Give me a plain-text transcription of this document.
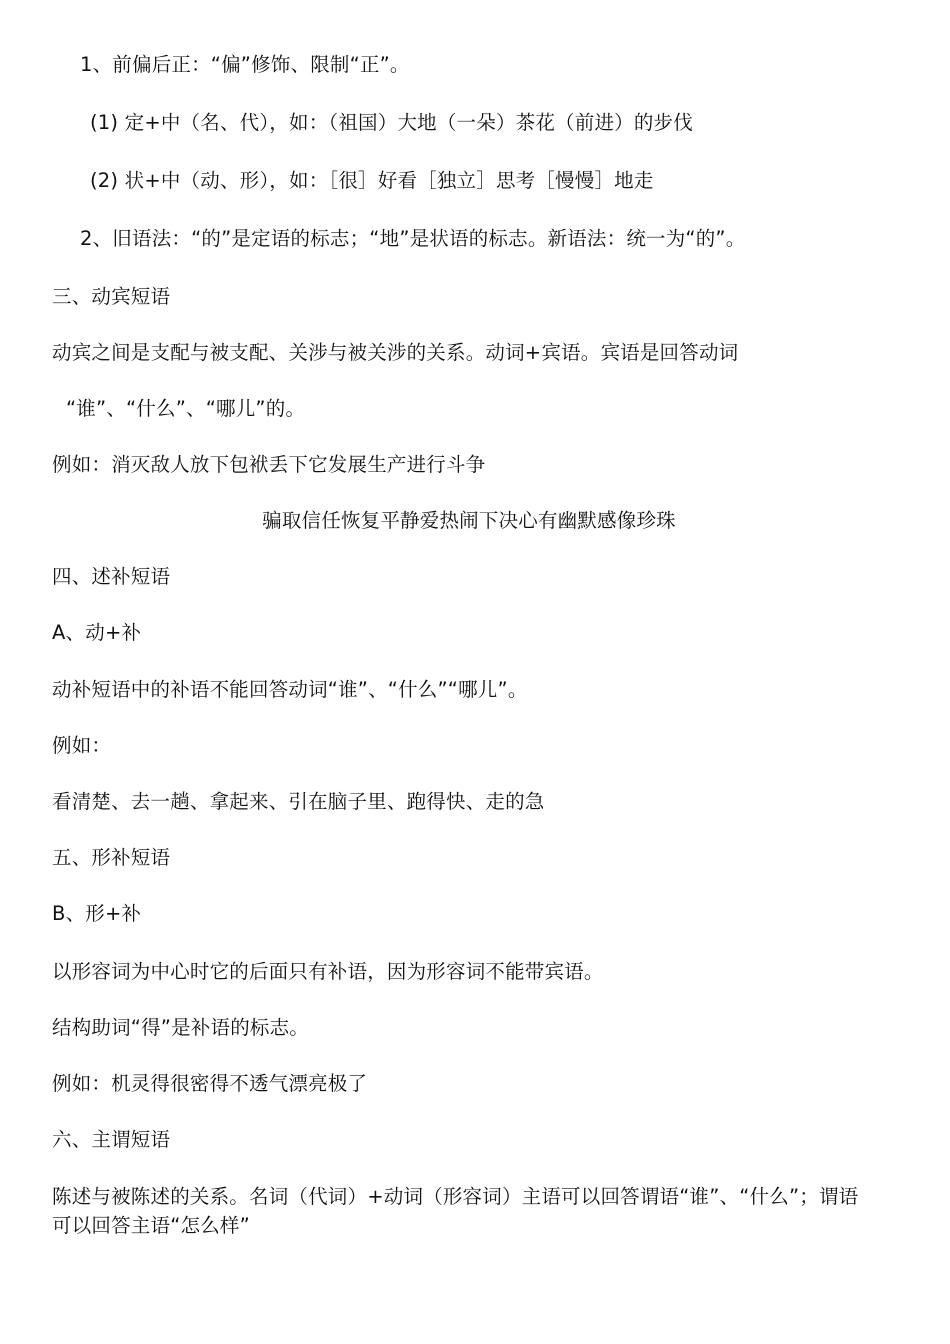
1、前偏后正：“偏”修饰、限制“正”。
(1) 定+中（名、代），如：（祖国）大地（一朵）茶花（前进）的步伐
(2) 状+中（动、形），如：［很］好看［独立］思考［慢慢］地走
2、旧语法：“的”是定语的标志；“地”是状语的标志。新语法：统一为“的”。
三、动宾短语
动宾之间是支配与被支配、关涉与被关涉的关系。动词+宾语。宾语是回答动词
“谁”、“什么”、“哪儿”的。
例如：消灭敌人放下包袱丢下它发展生产进行斗争
骗取信任恢复平静爱热闹下决心有幽默感像珍珠
四、述补短语
A、动+补
动补短语中的补语不能回答动词“谁”、“什么”“哪儿”。
例如：
看清楚、去一趟、拿起来、引在脑子里、跑得快、走的急
五、形补短语
B、形+补
以形容词为中心时它的后面只有补语，因为形容词不能带宾语。
结构助词“得”是补语的标志。
例如：机灵得很密得不透气漂亮极了
六、主谓短语
陈述与被陈述的关系。名词（代词）+动词（形容词）主语可以回答谓语“谁”、“什么”；谓语可以回答主语“怎么样”
